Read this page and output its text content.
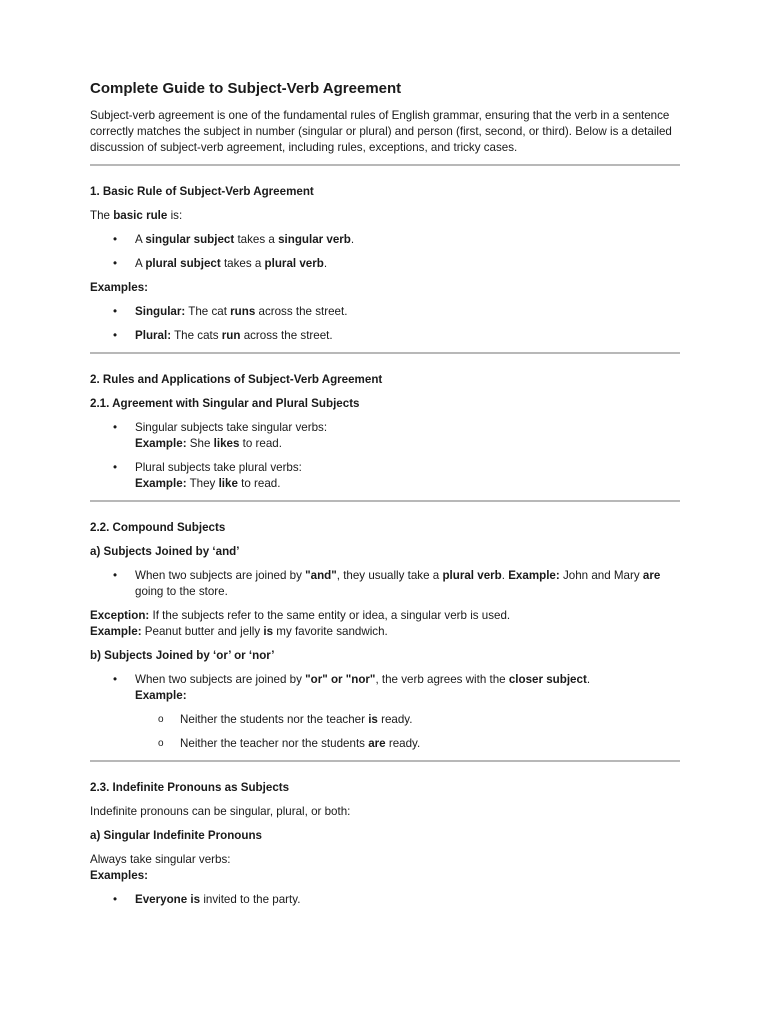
Complete Guide to Subject-Verb Agreement

Subject-verb agreement is one of the fundamental rules of English grammar, ensuring that the verb in a sentence correctly matches the subject in number (singular or plural) and person (first, second, or third). Below is a detailed discussion of subject-verb agreement, including rules, exceptions, and tricky cases.

1. Basic Rule of Subject-Verb Agreement

The basic rule is:

• A singular subject takes a singular verb.
• A plural subject takes a plural verb.

Examples:

• Singular: The cat runs across the street.
• Plural: The cats run across the street.
2. Rules and Applications of Subject-Verb Agreement
2.1. Agreement with Singular and Plural Subjects
• Singular subjects take singular verbs:
Example: She likes to read.
• Plural subjects take plural verbs:
Example: They like to read.
2.2. Compound Subjects
a) Subjects Joined by ‘and’
• When two subjects are joined by "and", they usually take a plural verb. Example: John and Mary are going to the store.

Exception: If the subjects refer to the same entity or idea, a singular verb is used.
Example: Peanut butter and jelly is my favorite sandwich.

b) Subjects Joined by ‘or’ or ‘nor’
• When two subjects are joined by "or" or "nor", the verb agrees with the closer subject.
Example:
o Neither the students nor the teacher is ready.
o Neither the teacher nor the students are ready.
2.3. Indefinite Pronouns as Subjects

Indefinite pronouns can be singular, plural, or both:

a) Singular Indefinite Pronouns

Always take singular verbs:
Examples:

• Everyone is invited to the party.
